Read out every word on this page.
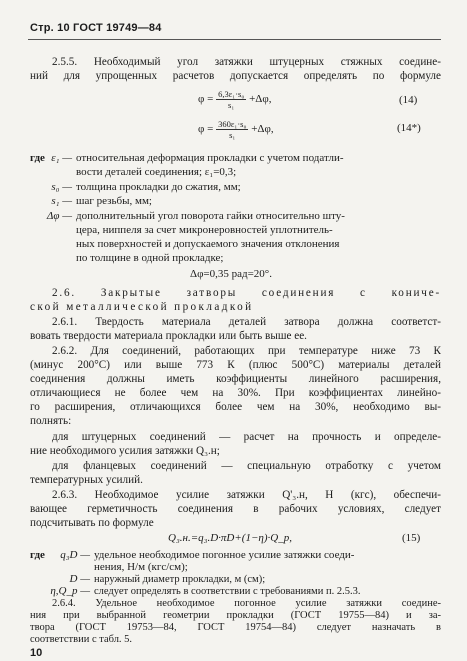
Стр. 10 ГОСТ 19749—84
2.5.5. Необходимый угол затяжки штуцерных стяжных соедине-
ний для упрощенных расчетов допускается определять по формуле
$\varphi = \frac{\text{6,3ε₁·s₀}}{\text{s₁}} +\Delta\varphi$,	(14)
$\varphi = \frac{\text{360ε₁·s₀}}{\text{s₁}} +\Delta\varphi$,	(14*)
где ε₁ — относительная деформация прокладки с учетом податли-
вости деталей соединения; ε₁=0,3;
s₀ — толщина прокладки до сжатия, мм;
s₁ — шаг резьбы, мм;
Δφ — дополнительный угол поворота гайки относительно шту-
цера, ниппеля за счет микронеровностей уплотнитель-
ных поверхностей и допускаемого значения отклонения
по толщине в одной прокладке;
Δφ=0,35 рад=20°.
2.6. Закрытые затворы соединения с кониче-
ской металлической прокладкой
2.6.1. Твердость материала деталей затвора должна соответст-
вовать твердости материала прокладки или быть выше ее.
2.6.2. Для соединений, работающих при температуре ниже 73 К
(минус 200°С) или выше 773 К (плюс 500°С) материалы деталей
соединения должны иметь коэффициенты линейного расширения,
отличающиеся не более чем на 30%. При коэффициентах линейно-
го расширения, отличающихся более чем на 30%, необходимо вы-
полнять:
для штуцерных соединений — расчет на прочность и определе-
ние необходимого усилия затяжки Q₃.н;
для фланцевых соединений — специальную отработку с учетом
температурных усилий.
2.6.3. Необходимое усилие затяжки Q'₃.н, Н (кгс), обеспечи-
вающее герметичность соединения в рабочих условиях, следует
подсчитывать по формуле
Q₃.н.=q₃.D·πD+(1−η)·Q_p,	(15)
где	q₃D — удельное необходимое погонное усилие затяжки соеди-
нения, Н/м (кгс/см);
10
2.6.4. Удельное необходимое погонное усилие затяжки соедине-
ния при выбранной геометрии прокладки (ГОСТ 19755—84) и за-
твора (ГОСТ 19753—84, ГОСТ 19754—84) следует назначать в
соответствии с табл. 5.
D — наружный диаметр прокладки, м (см);
η,Q_p — следует определять в соответствии с требованиями п. 2.5.3.
